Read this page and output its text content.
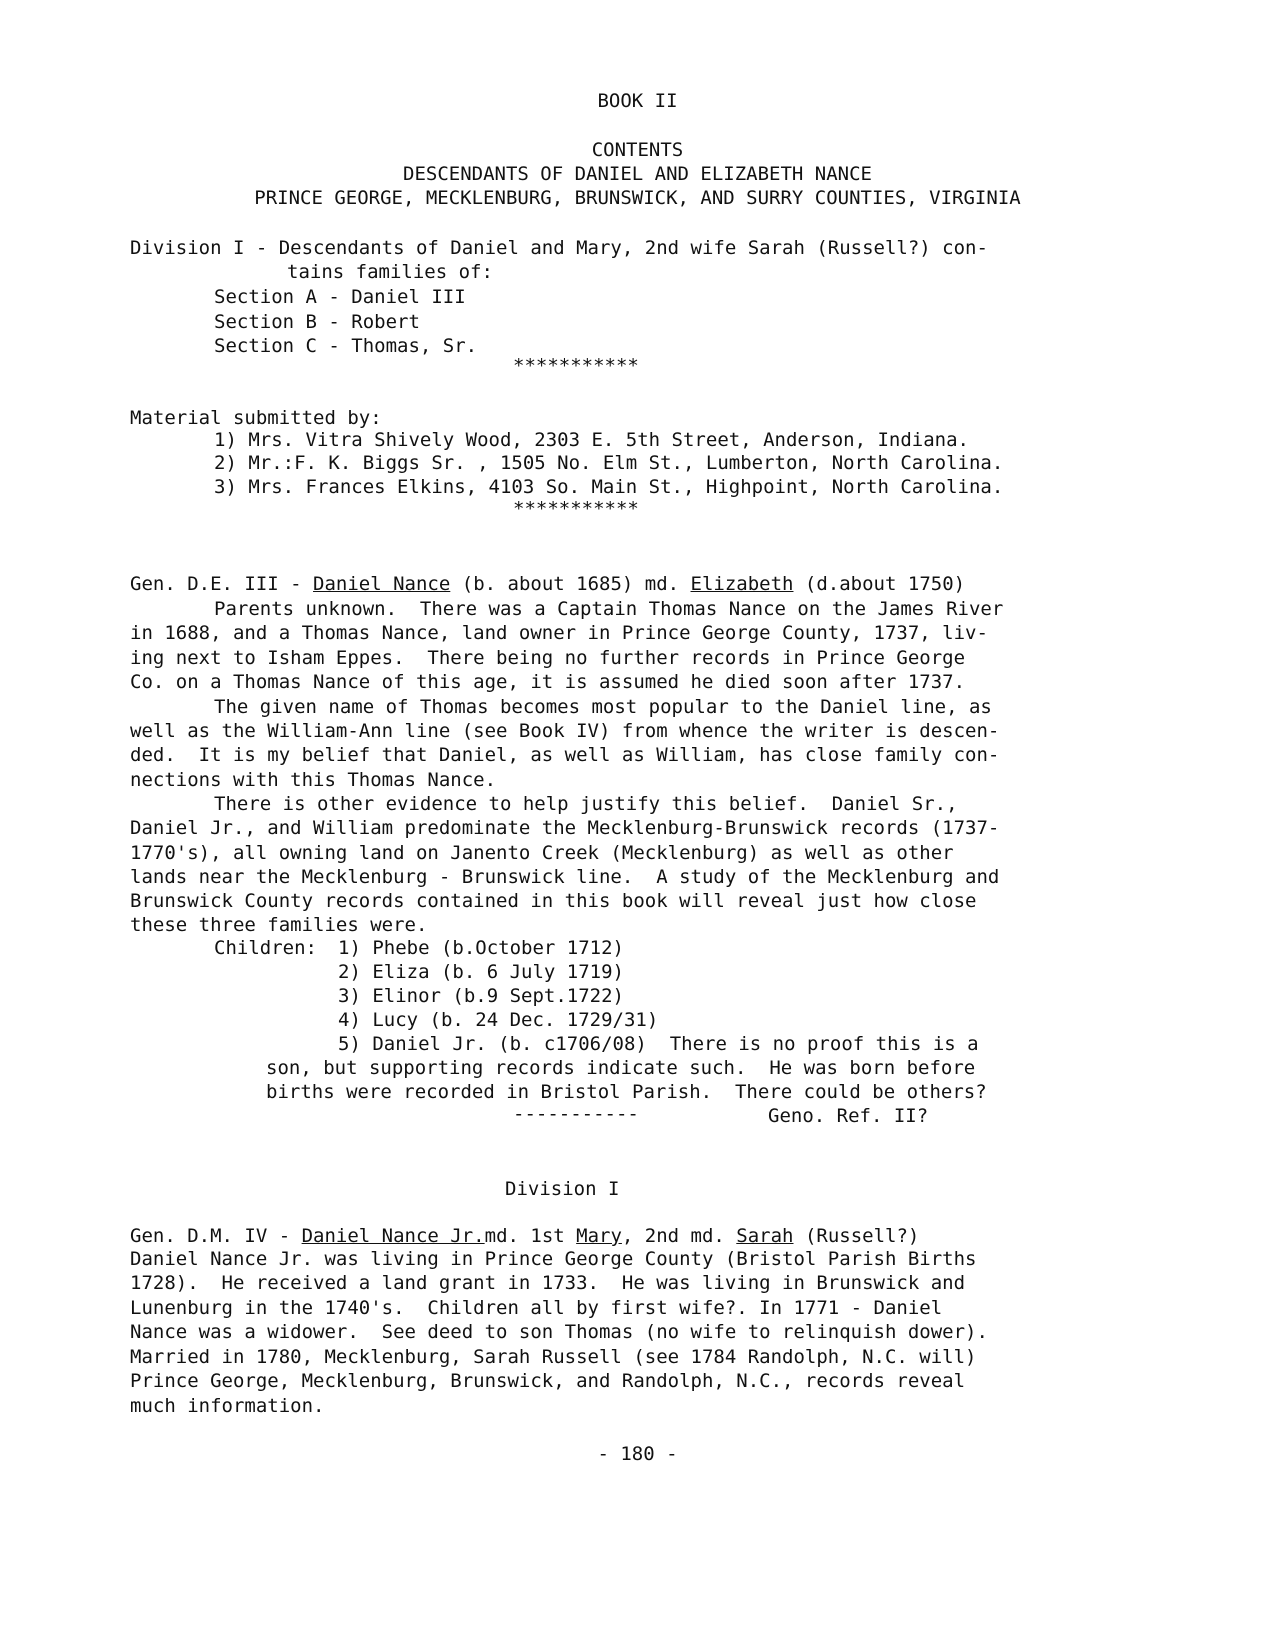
BOOK II
CONTENTS
DESCENDANTS OF DANIEL AND ELIZABETH NANCE
PRINCE GEORGE, MECKLENBURG, BRUNSWICK, AND SURRY COUNTIES, VIRGINIA
Division I - Descendants of Daniel and Mary, 2nd wife Sarah (Russell?) con-
tains families of:
Section A - Daniel III
Section B - Robert
Section C - Thomas, Sr.
***********
Material submitted by:
1) Mrs. Vitra Shively Wood, 2303 E. 5th Street, Anderson, Indiana.
2) Mr.:F. K. Biggs Sr. , 1505 No. Elm St., Lumberton, North Carolina.
3) Mrs. Frances Elkins, 4103 So. Main St., Highpoint, North Carolina.
***********
Gen. D.E. III - Daniel Nance (b. about 1685) md. Elizabeth (d.about 1750)
Parents unknown.  There was a Captain Thomas Nance on the James River
in 1688, and a Thomas Nance, land owner in Prince George County, 1737, liv-
ing next to Isham Eppes.  There being no further records in Prince George
Co. on a Thomas Nance of this age, it is assumed he died soon after 1737.
The given name of Thomas becomes most popular to the Daniel line, as
well as the William-Ann line (see Book IV) from whence the writer is descen-
ded.  It is my belief that Daniel, as well as William, has close family con-
nections with this Thomas Nance.
There is other evidence to help justify this belief.  Daniel Sr.,
Daniel Jr., and William predominate the Mecklenburg-Brunswick records (1737-
1770's), all owning land on Janento Creek (Mecklenburg) as well as other
lands near the Mecklenburg - Brunswick line.  A study of the Mecklenburg and
Brunswick County records contained in this book will reveal just how close
these three families were.
Children: 1) Phebe (b.October 1712)
2) Eliza (b. 6 July 1719)
3) Elinor (b.9 Sept.1722)
4) Lucy (b. 24 Dec. 1729/31)
5) Daniel Jr. (b. c1706/08)  There is no proof this is a
son, but supporting records indicate such.  He was born before
births were recorded in Bristol Parish.  There could be others?
-----------	Geno. Ref. II?
Division I
Gen. D.M. IV - Daniel Nance Jr.md. 1st Mary, 2nd md. Sarah (Russell?)
Daniel Nance Jr. was living in Prince George County (Bristol Parish Births
1728).  He received a land grant in 1733.  He was living in Brunswick and
Lunenburg in the 1740's.  Children all by first wife?. In 1771 - Daniel
Nance was a widower.  See deed to son Thomas (no wife to relinquish dower).
Married in 1780, Mecklenburg, Sarah Russell (see 1784 Randolph, N.C. will)
Prince George, Mecklenburg, Brunswick, and Randolph, N.C., records reveal
much information.
- 180 -
